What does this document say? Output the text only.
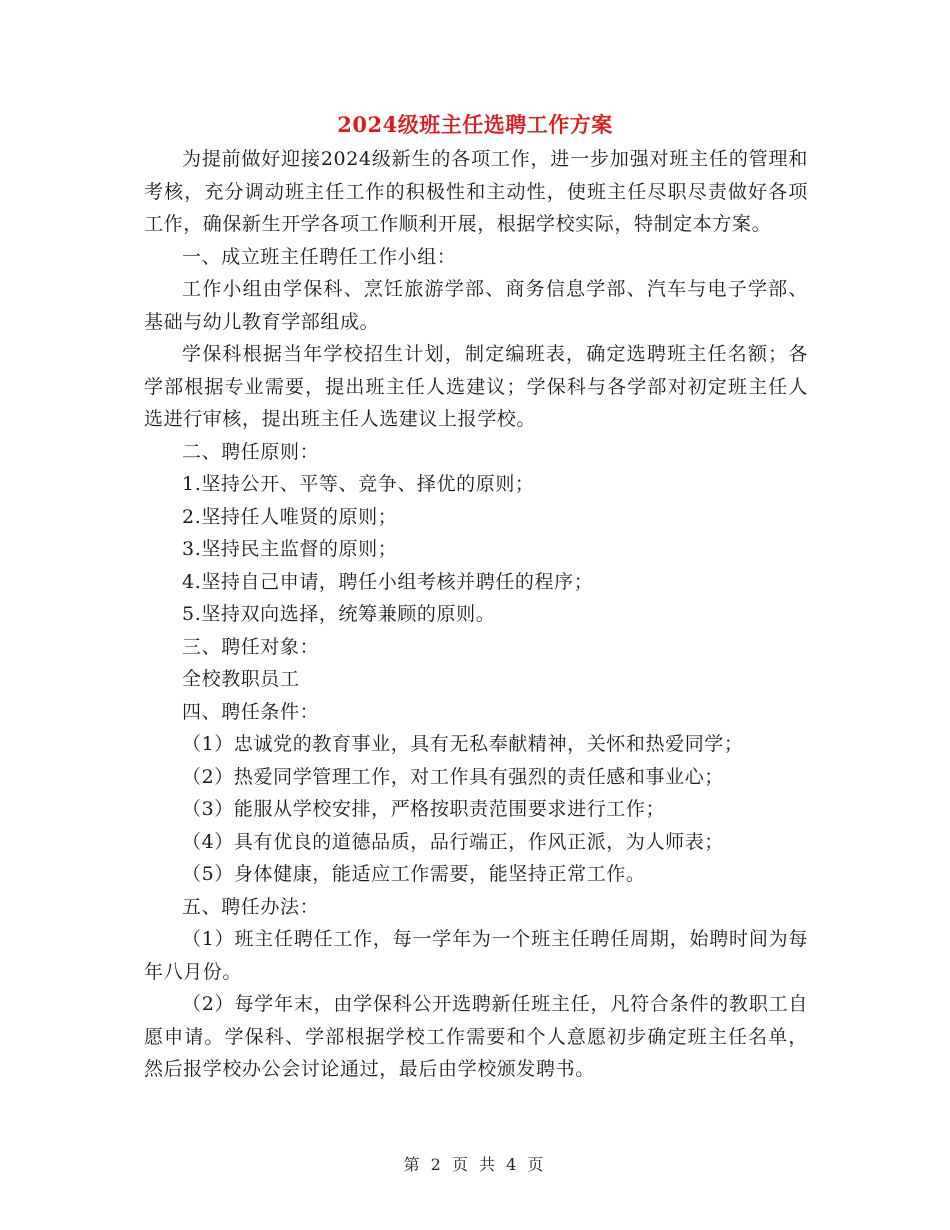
2024级班主任选聘工作方案

为提前做好迎接2024级新生的各项工作，进一步加强对班主任的管理和考核，充分调动班主任工作的积极性和主动性，使班主任尽职尽责做好各项工作，确保新生开学各项工作顺利开展，根据学校实际，特制定本方案。

一、成立班主任聘任工作小组：

工作小组由学保科、烹饪旅游学部、商务信息学部、汽车与电子学部、基础与幼儿教育学部组成。

学保科根据当年学校招生计划，制定编班表，确定选聘班主任名额；各学部根据专业需要，提出班主任人选建议；学保科与各学部对初定班主任人选进行审核，提出班主任人选建议上报学校。

二、聘任原则：

1.坚持公开、平等、竞争、择优的原则；

2.坚持任人唯贤的原则；

3.坚持民主监督的原则；

4.坚持自己申请，聘任小组考核并聘任的程序；

5.坚持双向选择，统筹兼顾的原则。

三、聘任对象：

全校教职员工

四、聘任条件：

（1）忠诚党的教育事业，具有无私奉献精神，关怀和热爱同学；

（2）热爱同学管理工作，对工作具有强烈的责任感和事业心；

（3）能服从学校安排，严格按职责范围要求进行工作；

（4）具有优良的道德品质，品行端正，作风正派，为人师表；

（5）身体健康，能适应工作需要，能坚持正常工作。

五、聘任办法：

（1）班主任聘任工作，每一学年为一个班主任聘任周期，始聘时间为每年八月份。

（2）每学年末，由学保科公开选聘新任班主任，凡符合条件的教职工自愿申请。学保科、学部根据学校工作需要和个人意愿初步确定班主任名单，然后报学校办公会讨论通过，最后由学校颁发聘书。

第 2 页 共 4 页
